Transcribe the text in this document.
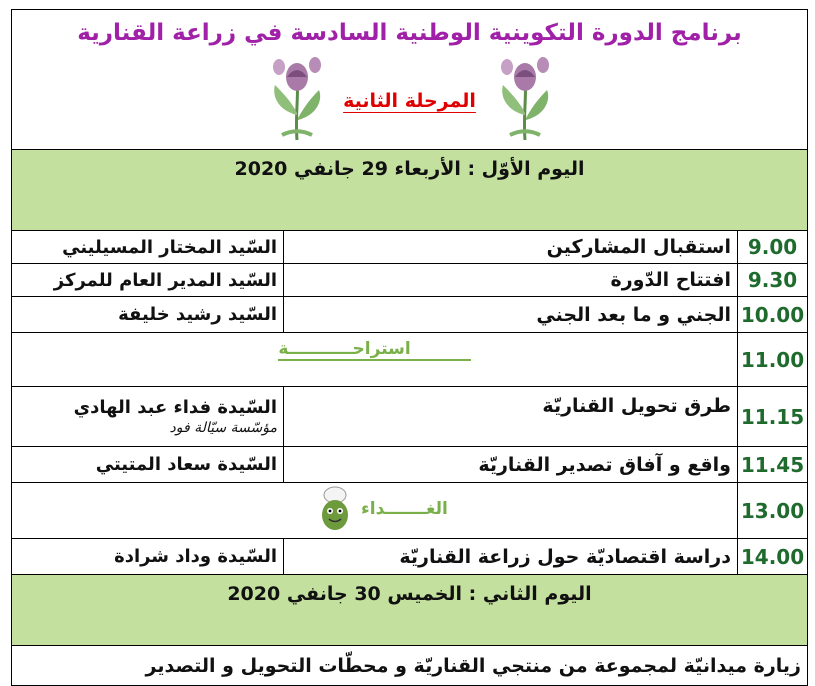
برنامج الدورة التكوينية الوطنية السادسة في زراعة القنارية
المرحلة الثانية		

اليوم الأوّل : الأربعاء 29 جانفي 2020		
9.00	استقبال المشاركين	السّيد المختار المسيليني
9.30	افتتاح الدّورة	السّيد المدير العام للمركز
10.00	الجني و ما بعد الجني	السّيد رشيد خليفة
11.00	استراحـــــــــــة	
11.15	طرق تحويل القناريّة	السّيدة فداء عبد الهادي
مؤسّسة سيّالة فود

11.45	واقع و آفاق تصدير القناريّة	السّيدة سعاد المتيتي
13.00	الغـــــــداء	
14.00	دراسة اقتصاديّة حول زراعة القناريّة	السّيدة وداد شرادة
اليوم الثاني : الخميس 30 جانفي 2020		
زيارة ميدانيّة لمجموعة من منتجي القناريّة و محطّات التحويل و التصدير		
